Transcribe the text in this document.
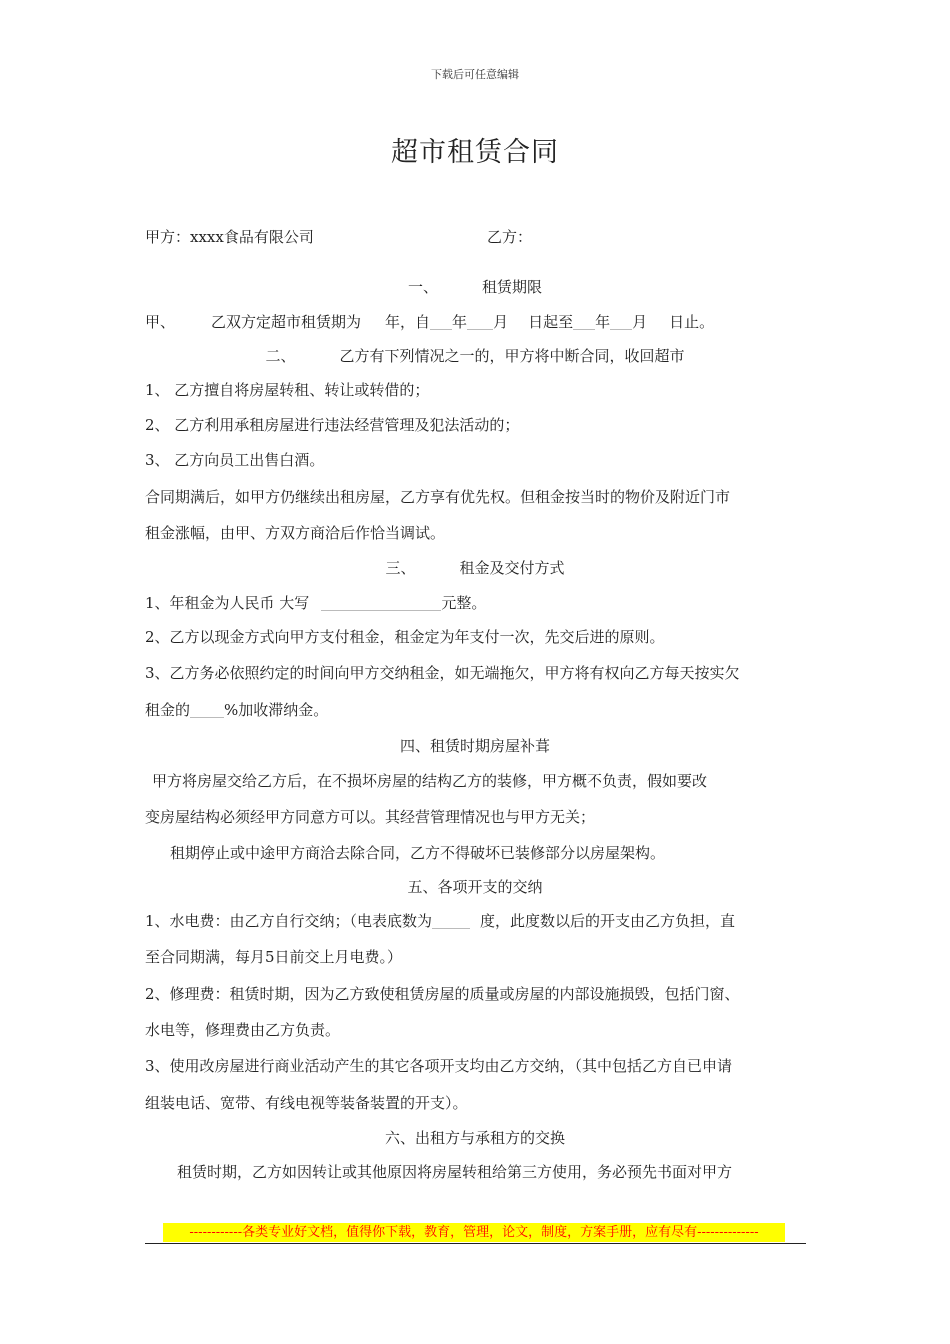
下载后可任意编辑
超市租赁合同
甲方：xxxx食品有限公司	乙方：
一、	租赁期限
甲、 乙双方定超市租赁期为 年，自 年 月 日起至 年 月 日止。
二、	乙方有下列情况之一的，甲方将中断合同，收回超市
1、 乙方擅自将房屋转租、转让或转借的；
2、 乙方利用承租房屋进行违法经营管理及犯法活动的；
3、 乙方向员工出售白酒。
合同期满后，如甲方仍继续出租房屋，乙方享有优先权。但租金按当时的物价及附近门市
租金涨幅，由甲、方双方商洽后作恰当调试。
三、	租金及交付方式
1、年租金为人民币 大写	元整。
2、乙方以现金方式向甲方支付租金，租金定为年支付一次，先交后进的原则。
3、乙方务必依照约定的时间向甲方交纳租金，如无端拖欠，甲方将有权向乙方每天按实欠
租金的 %加收滞纳金。
四、租赁时期房屋补葺
甲方将房屋交给乙方后，在不损坏房屋的结构乙方的装修，甲方概不负责，假如要改
变房屋结构必须经甲方同意方可以。其经营管理情况也与甲方无关；
租期停止或中途甲方商洽去除合同，乙方不得破坏已装修部分以房屋架构。
五、各项开支的交纳
1、水电费：由乙方自行交纳；（电表底数为	度，此度数以后的开支由乙方负担，直
至合同期满，每月5日前交上月电费。）
2、修理费：租赁时期，因为乙方致使租赁房屋的质量或房屋的内部设施损毁，包括门窗、
水电等，修理费由乙方负责。
3、使用改房屋进行商业活动产生的其它各项开支均由乙方交纳，（其中包括乙方自已申请
组装电话、宽带、有线电视等装备装置的开支）。
六、出租方与承租方的交换
租赁时期，乙方如因转让或其他原因将房屋转租给第三方使用，务必预先书面对甲方
------------各类专业好文档，值得你下载，教育，管理，论文，制度，方案手册，应有尽有--------------
